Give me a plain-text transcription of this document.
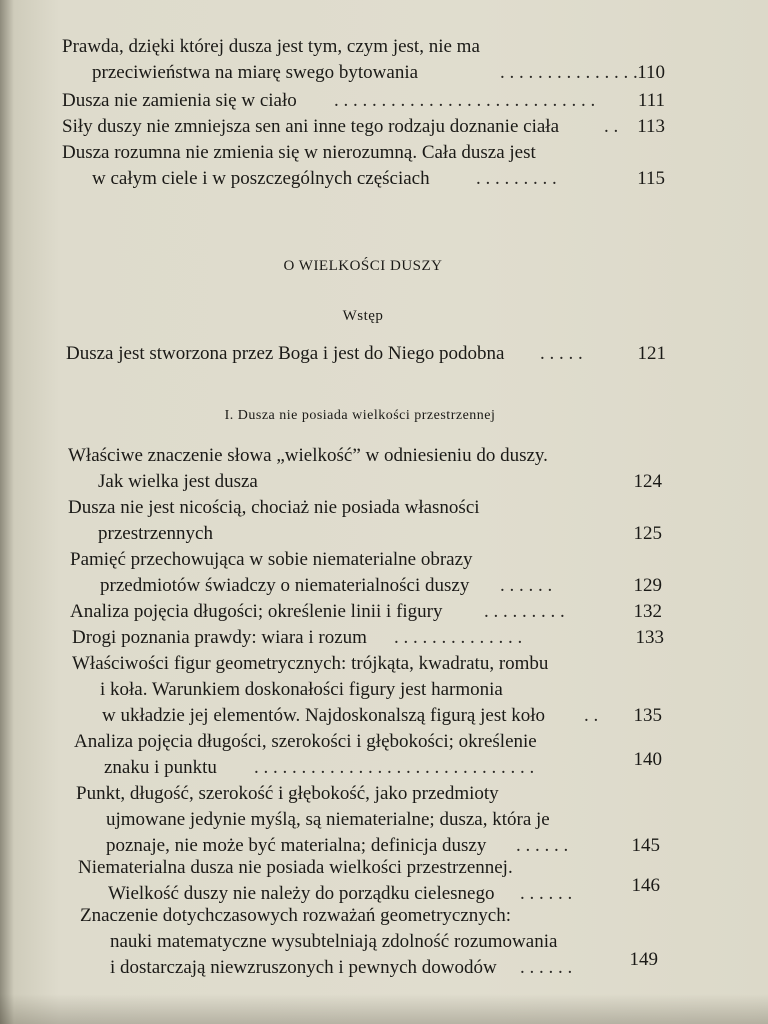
Prawda, dzięki której dusza jest tym, czym jest, nie ma
przeciwieństwa na miarę swego bytowania	. . . . . . . . . . . . . . . 110
Dusza nie zamienia się w ciało . . . . . . . . . . . . . . . . . . . . . . . . . . . .	111
Siły duszy nie zmniejsza sen ani inne tego rodzaju doznanie ciała . . 113
Dusza rozumna nie zmienia się w nierozumną. Cała dusza jest
w całym ciele i w poszczególnych częściach . . . . . . . . .	115
O WIELKOŚCI DUSZY
Wstęp
Dusza jest stworzona przez Boga i jest do Niego podobna . . . . .	121
I. Dusza nie posiada wielkości przestrzennej
Właściwe znaczenie słowa „wielkość” w odniesieniu do duszy.
Jak wielka jest dusza	124
Dusza nie jest nicością, chociaż nie posiada własności
przestrzennych	125
Pamięć przechowująca w sobie niematerialne obrazy
przedmiotów świadczy o niematerialności duszy . . . . . .	129
Analiza pojęcia długości; określenie linii i figury . . . . . . . . .	132
Drogi poznania prawdy: wiara i rozum . . . . . . . . . . . . . .	133
Właściwości figur geometrycznych: trójkąta, kwadratu, rombu
i koła. Warunkiem doskonałości figury jest harmonia
w układzie jej elementów. Najdoskonalszą figurą jest koło . .	135
Analiza pojęcia długości, szerokości i głębokości; określenie
znaku i punktu . . . . . . . . . . . . . . . . . . . . . . . . . . . . . .	140
Punkt, długość, szerokość i głębokość, jako przedmioty
ujmowane jedynie myślą, są niematerialne; dusza, która je
poznaje, nie może być materialna; definicja duszy . . . . . .	145
Niematerialna dusza nie posiada wielkości przestrzennej.
Wielkość duszy nie należy do porządku cielesnego . . . . . .	146
Znaczenie dotychczasowych rozważań geometrycznych:
nauki matematyczne wysubtelniają zdolność rozumowania
i dostarczają niewzruszonych i pewnych dowodów . . . . . .	149
